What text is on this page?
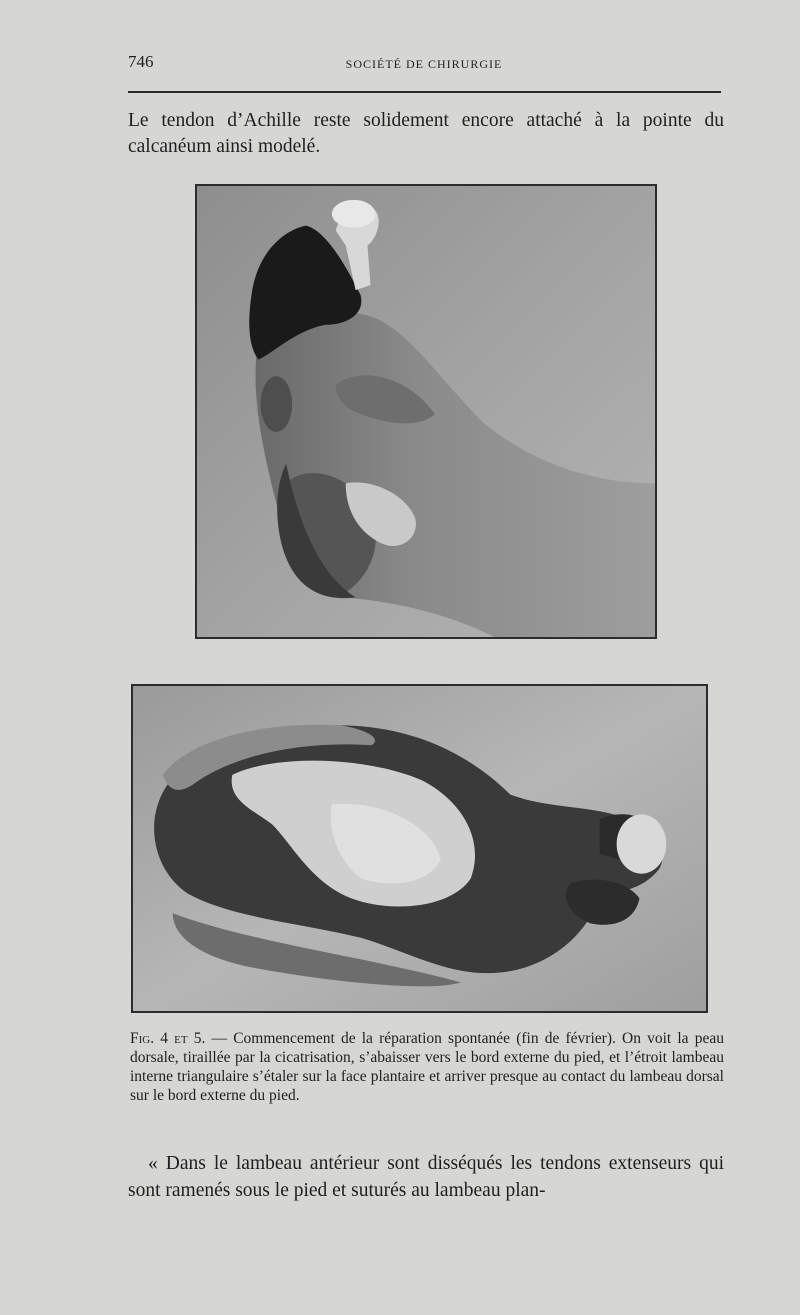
746	SOCIÉTÉ DE CHIRURGIE

Le tendon d’Achille reste solidement encore attaché à la pointe du calcanéum ainsi modelé.

Fig. 4 et 5. — Commencement de la réparation spontanée (fin de février). On voit la peau dorsale, tiraillée par la cicatrisation, s’abaisser vers le bord externe du pied, et l’étroit lambeau interne triangulaire s’étaler sur la face plantaire et arriver presque au contact du lambeau dorsal sur le bord externe du pied.

« Dans le lambeau antérieur sont disséqués les tendons extenseurs qui sont ramenés sous le pied et suturés au lambeau plan-
